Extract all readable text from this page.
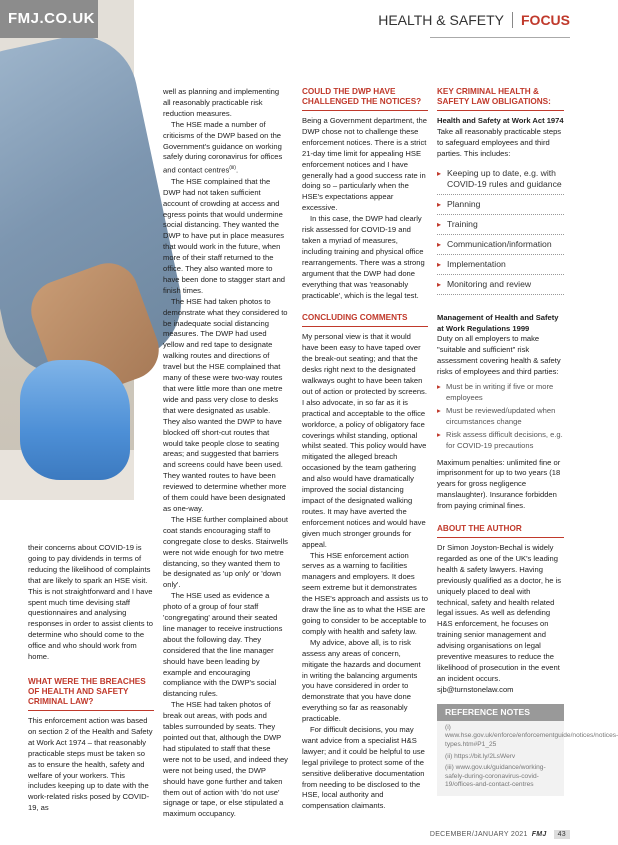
FMJ.CO.UK	HEALTH & SAFETY FOCUS

their concerns about COVID-19 is going to pay dividends in terms of reducing the likelihood of complaints that are likely to spark an HSE visit. This is not straightforward and I have spent much time devising staff questionnaires and analysing responses in order to assist clients to determine who should come to the office and who should work from home.

WHAT WERE THE BREACHES OF HEALTH AND SAFETY CRIMINAL LAW?

This enforcement action was based on section 2 of the Health and Safety at Work Act 1974 – that reasonably practicable steps must be taken so as to ensure the health, safety and welfare of your workers. This includes keeping up to date with the work-related risks posed by COVID-19, as

well as planning and implementing all reasonably practicable risk reduction measures.

The HSE made a number of criticisms of the DWP based on the Government's guidance on working safely during coronavirus for offices and contact centres$^{(iii)}$.

The HSE complained that the DWP had not taken sufficient account of crowding at access and egress points that would undermine social distancing. They wanted the DWP to have put in place measures that would work in the future, when more of their staff returned to the office. They also wanted more to have been done to stagger start and finish times.

The HSE had taken photos to demonstrate what they considered to be inadequate social distancing measures. The DWP had used yellow and red tape to designate walking routes and directions of travel but the HSE complained that many of these were two-way routes that were little more than one metre wide and pass very close to desks that were designated as usable. They also wanted the DWP to have blocked off short-cut routes that would take people close to seating areas; and suggested that barriers and screens could have been used. They wanted routes to have been reviewed to determine whether more of them could have been designated as one-way.

The HSE further complained about coat stands encouraging staff to congregate close to desks. Stairwells were not wide enough for two metre distancing, so they wanted them to be designated as 'up only' or 'down only'.

The HSE used as evidence a photo of a group of four staff 'congregating' around their seated line manager to receive instructions about the following day. They considered that the line manager should have been leading by example and encouraging compliance with the DWP's social distancing rules.

The HSE had taken photos of break out areas, with pods and tables surrounded by seats. They pointed out that, although the DWP had stipulated to staff that these were not to be used, and indeed they were not being used, the DWP should have gone further and taken them out of action with 'do not use' signage or tape, or else stipulated a maximum occupancy.

COULD THE DWP HAVE CHALLENGED THE NOTICES?

Being a Government department, the DWP chose not to challenge these enforcement notices. There is a strict 21-day time limit for appealing HSE enforcement notices and I have generally had a good success rate in doing so – particularly when the HSE's expectations appear excessive.

In this case, the DWP had clearly risk assessed for COVID-19 and taken a myriad of measures, including training and physical office rearrangements. There was a strong argument that the DWP had done everything that was 'reasonably practicable', which is the legal test.

CONCLUDING COMMENTS

My personal view is that it would have been easy to have taped over the break-out seating; and that the desks right next to the designated walkways ought to have been taken out of action or protected by screens. I also advocate, in so far as it is practical and acceptable to the office workforce, a policy of obligatory face coverings whilst standing, optional whilst seated. This policy would have mitigated the alleged breach occasioned by the team gathering and also would have dramatically improved the social distancing impact of the designated walking routes. It may have averted the enforcement notices and would have given much stronger grounds for appeal.

This HSE enforcement action serves as a warning to facilities managers and employers. It does seem extreme but it demonstrates the HSE's approach and assists us to draw the line as to what the HSE are going to consider to be acceptable to comply with health and safety law.

My advice, above all, is to risk assess any areas of concern, mitigate the hazards and document in writing the balancing arguments you have considered in order to demonstrate that you have done everything so far as reasonably practicable.

For difficult decisions, you may want advice from a specialist H&S lawyer; and it could be helpful to use legal privilege to protect some of the sensitive deliberative documentation from needing to be disclosed to the HSE, local authority and compensation claimants.

KEY CRIMINAL HEALTH & SAFETY LAW OBLIGATIONS:

Health and Safety at Work Act 1974

Take all reasonably practicable steps to safeguard employees and third parties. This includes:

▸ Keeping up to date, e.g. with COVID-19 rules and guidance
▸ Planning
▸ Training
▸ Communication/information
▸ Implementation
▸ Monitoring and review

Management of Health and Safety at Work Regulations 1999

Duty on all employers to make "suitable and sufficient" risk assessment covering health & safety risks of employees and third parties:

▸ Must be in writing if five or more employees
▸ Must be reviewed/updated when circumstances change
▸ Risk assess difficult decisions, e.g. for COVID-19 precautions

Maximum penalties: unlimited fine or imprisonment for up to two years (18 years for gross negligence manslaughter). Insurance forbidden from paying criminal fines.

ABOUT THE AUTHOR

Dr Simon Joyston-Bechal is widely regarded as one of the UK's leading health & safety lawyers. Having previously qualified as a doctor, he is uniquely placed to deal with technical, safety and health related legal issues. As well as defending H&S enforcement, he focuses on training senior management and advising organisations on legal preventive measures to reduce the likelihood of prosecution in the event an incident occurs. sjb@turnstonelaw.com

REFERENCE NOTES
(i) www.hse.gov.uk/enforce/enforcementguide/notices/notices-types.htm#P1_25
(ii) https://bit.ly/2LsWerv
(iii) www.gov.uk/guidance/working-safely-during-coronavirus-covid-19/offices-and-contact-centres
DECEMBER/JANUARY 2021 FMJ 43
